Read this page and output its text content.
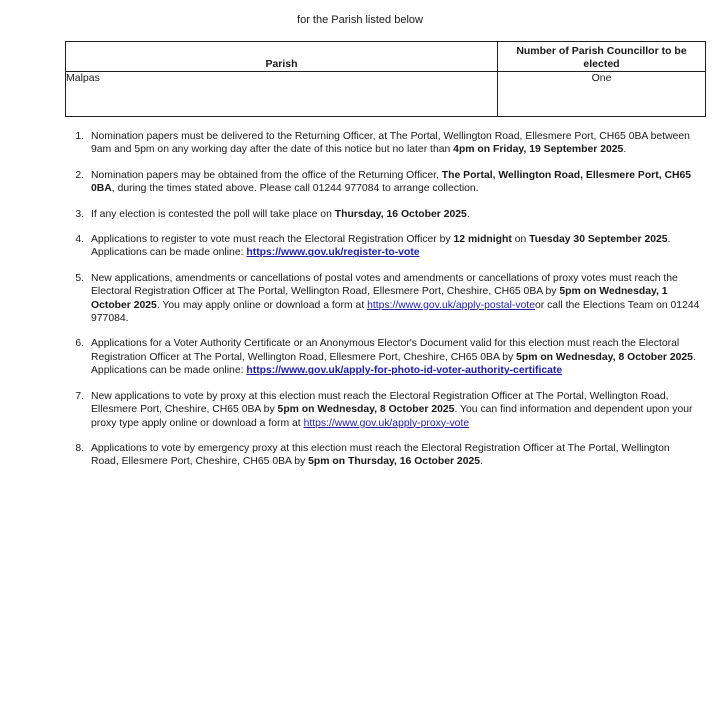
for the Parish listed below
Parish	Number of Parish Councillor to be elected
Malpas	One
1. Nomination papers must be delivered to the Returning Officer, at The Portal, Wellington Road, Ellesmere Port, CH65 0BA between 9am and 5pm on any working day after the date of this notice but no later than 4pm on Friday, 19 September 2025.
2. Nomination papers may be obtained from the office of the Returning Officer, The Portal, Wellington Road, Ellesmere Port, CH65 0BA, during the times stated above. Please call 01244 977084 to arrange collection.
3. If any election is contested the poll will take place on Thursday, 16 October 2025.
4. Applications to register to vote must reach the Electoral Registration Officer by 12 midnight on Tuesday 30 September 2025. Applications can be made online: https://www.gov.uk/register-to-vote
5. New applications, amendments or cancellations of postal votes and amendments or cancellations of proxy votes must reach the Electoral Registration Officer at The Portal, Wellington Road, Ellesmere Port, Cheshire, CH65 0BA by 5pm on Wednesday, 1 October 2025. You may apply online or download a form at https://www.gov.uk/apply-postal-voteor call the Elections Team on 01244 977084.
6. Applications for a Voter Authority Certificate or an Anonymous Elector's Document valid for this election must reach the Electoral Registration Officer at The Portal, Wellington Road, Ellesmere Port, Cheshire, CH65 0BA by 5pm on Wednesday, 8 October 2025. Applications can be made online: https://www.gov.uk/apply-for-photo-id-voter-authority-certificate
7. New applications to vote by proxy at this election must reach the Electoral Registration Officer at The Portal, Wellington Road, Ellesmere Port, Cheshire, CH65 0BA by 5pm on Wednesday, 8 October 2025. You can find information and dependent upon your proxy type apply online or download a form at https://www.gov.uk/apply-proxy-vote
8. Applications to vote by emergency proxy at this election must reach the Electoral Registration Officer at The Portal, Wellington Road, Ellesmere Port, Cheshire, CH65 0BA by 5pm on Thursday, 16 October 2025.
